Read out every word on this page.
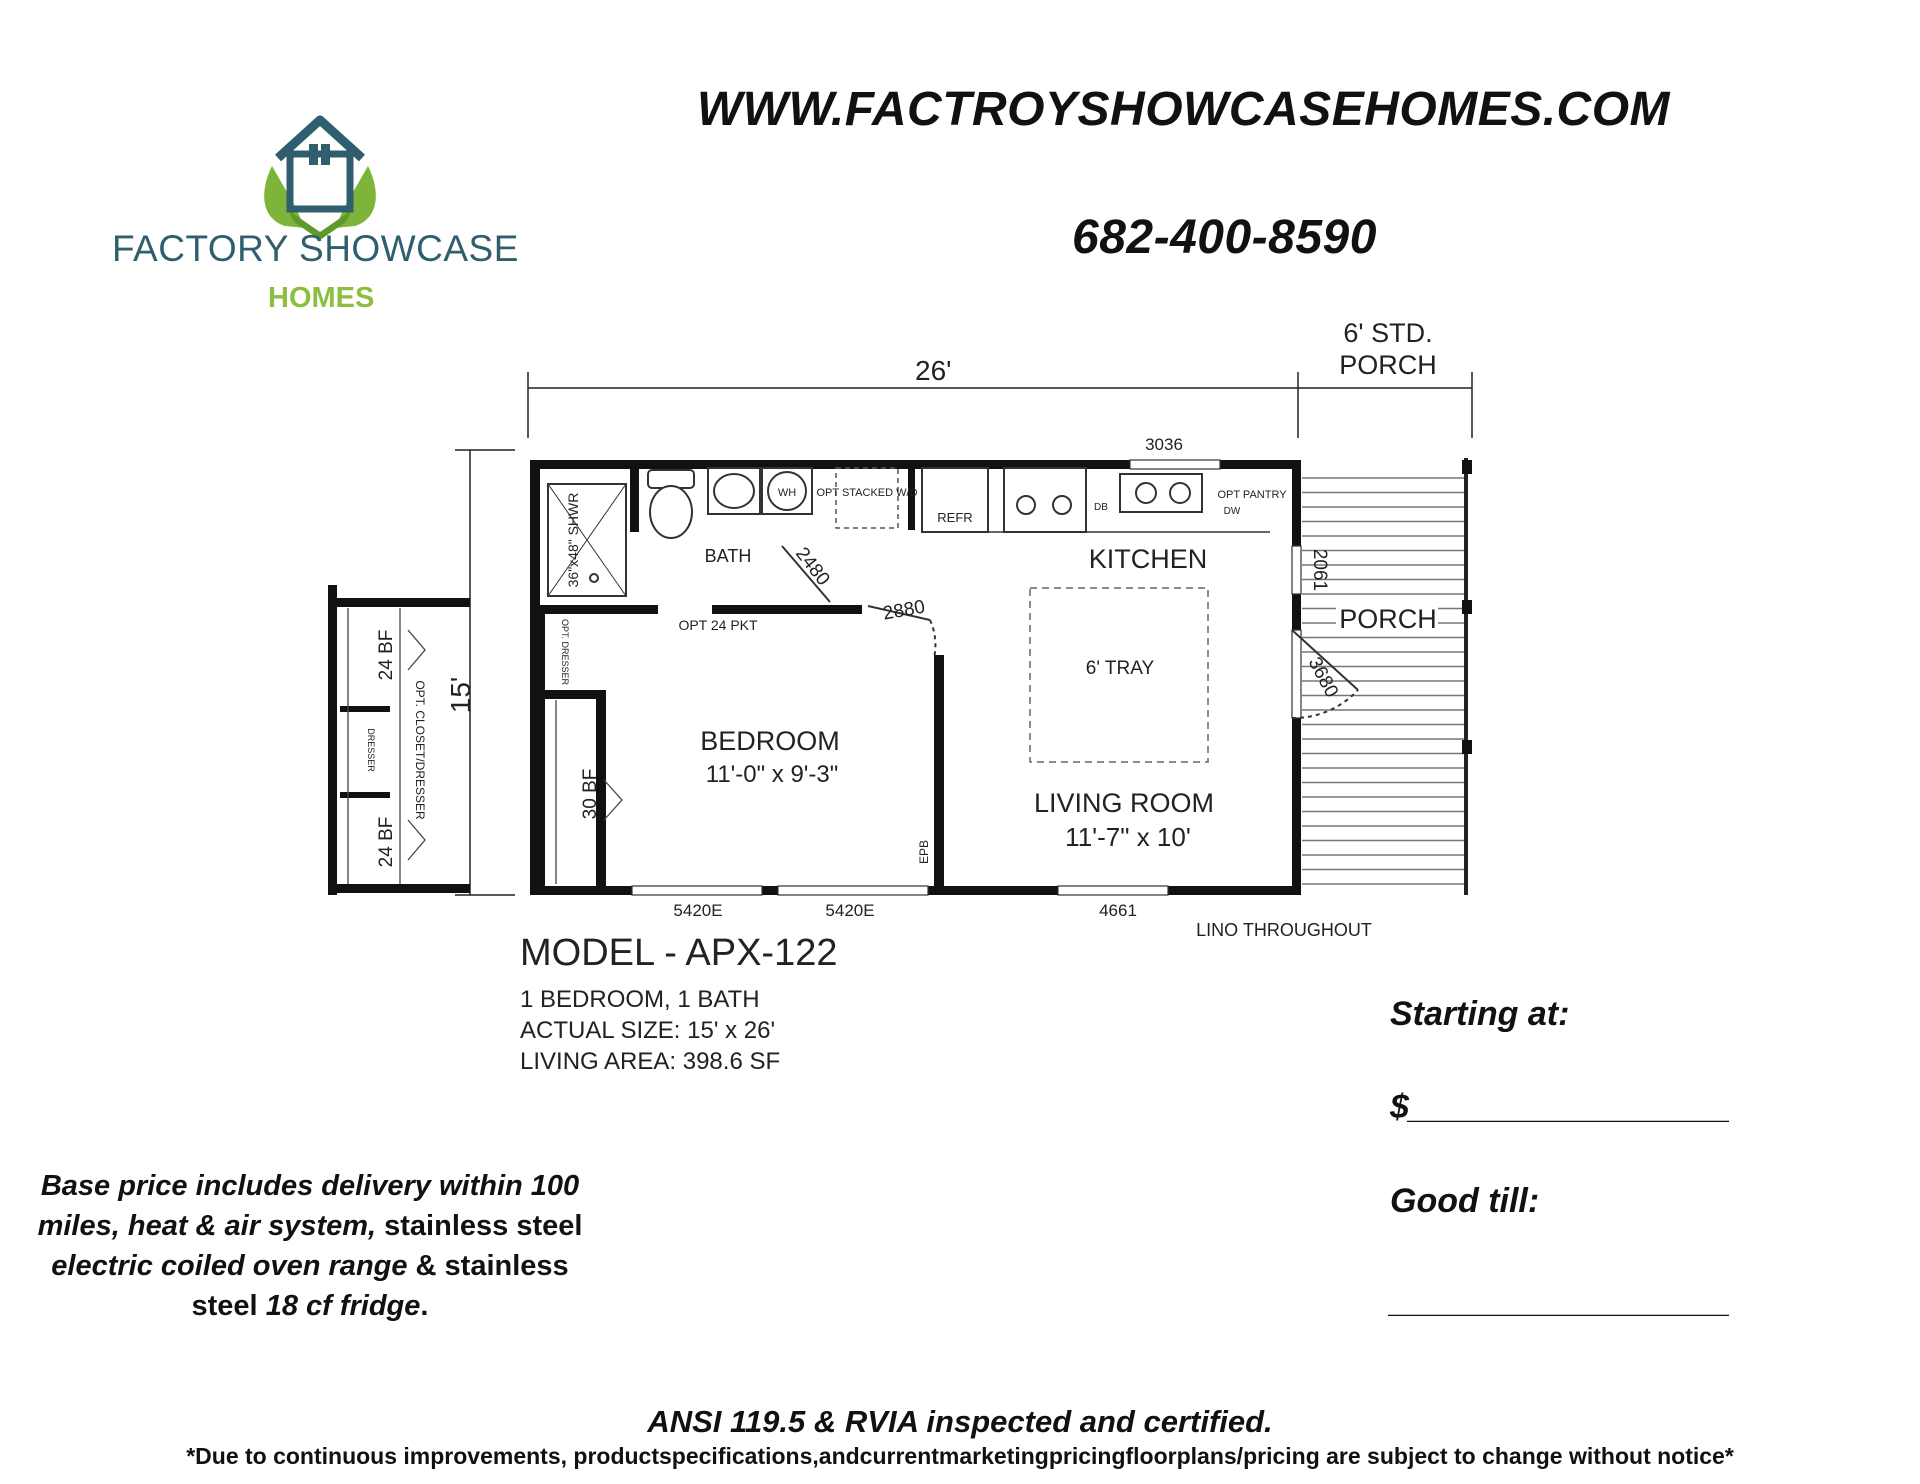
WWW.FACTROYSHOWCASEHOMES.COM
682-400-8590
FACTORY SHOWCASE
HOMES
26'
6' STD.
PORCH
15'
36"x48" SHWR	WH OPT STACKED W/D
REFR
DB
OPT PANTRY
DW
2480
2880
3680
2061
6' TRAY
KITCHEN
BATH
BEDROOM
11'-0" x 9'-3"
LIVING ROOM
11'-7" x 10'
PORCH
3036
5420E	5420E	4661
OPT 24 PKT
24 BF
24 BF
30 BF
OPT. CLOSET/DRESSER
DRESSER
OPT. DRESSER
EPB
LINO THROUGHOUT
MODEL - APX-122
1 BEDROOM, 1 BATH
ACTUAL SIZE: 15' x 26'
LIVING AREA: 398.6 SF
Starting at:
$_________________
Good till:
__________________
Base price includes delivery within 100 miles, heat & air system, stainless steel electric coiled oven range & stainless steel 18 cf fridge.
ANSI 119.5 & RVIA inspected and certified.
*Due to continuous improvements, productspecifications,andcurrentmarketingpricingfloorplans/pricing are subject to change without notice*
